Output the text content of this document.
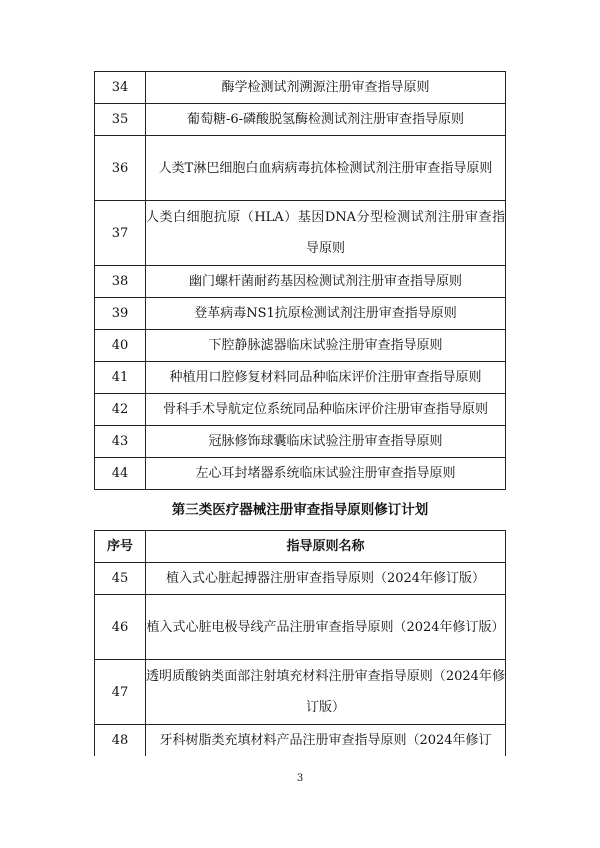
34	酶学检测试剂溯源注册审查指导原则
35	葡萄糖-6-磷酸脱氢酶检测试剂注册审查指导原则
36	人类T淋巴细胞白血病病毒抗体检测试剂注册审查指导原则
37	人类白细胞抗原（HLA）基因DNA分型检测试剂注册审查指导原则
38	幽门螺杆菌耐药基因检测试剂注册审查指导原则
39	登革病毒NS1抗原检测试剂注册审查指导原则
40	下腔静脉滤器临床试验注册审查指导原则
41	种植用口腔修复材料同品种临床评价注册审查指导原则
42	骨科手术导航定位系统同品种临床评价注册审查指导原则
43	冠脉修饰球囊临床试验注册审查指导原则
44	左心耳封堵器系统临床试验注册审查指导原则
第三类医疗器械注册审查指导原则修订计划	
序号	指导原则名称
45	植入式心脏起搏器注册审查指导原则（2024年修订版）
46	植入式心脏电极导线产品注册审查指导原则（2024年修订版）
47	透明质酸钠类面部注射填充材料注册审查指导原则（2024年修订版）
48	牙科树脂类充填材料产品注册审查指导原则（2024年修订
3
